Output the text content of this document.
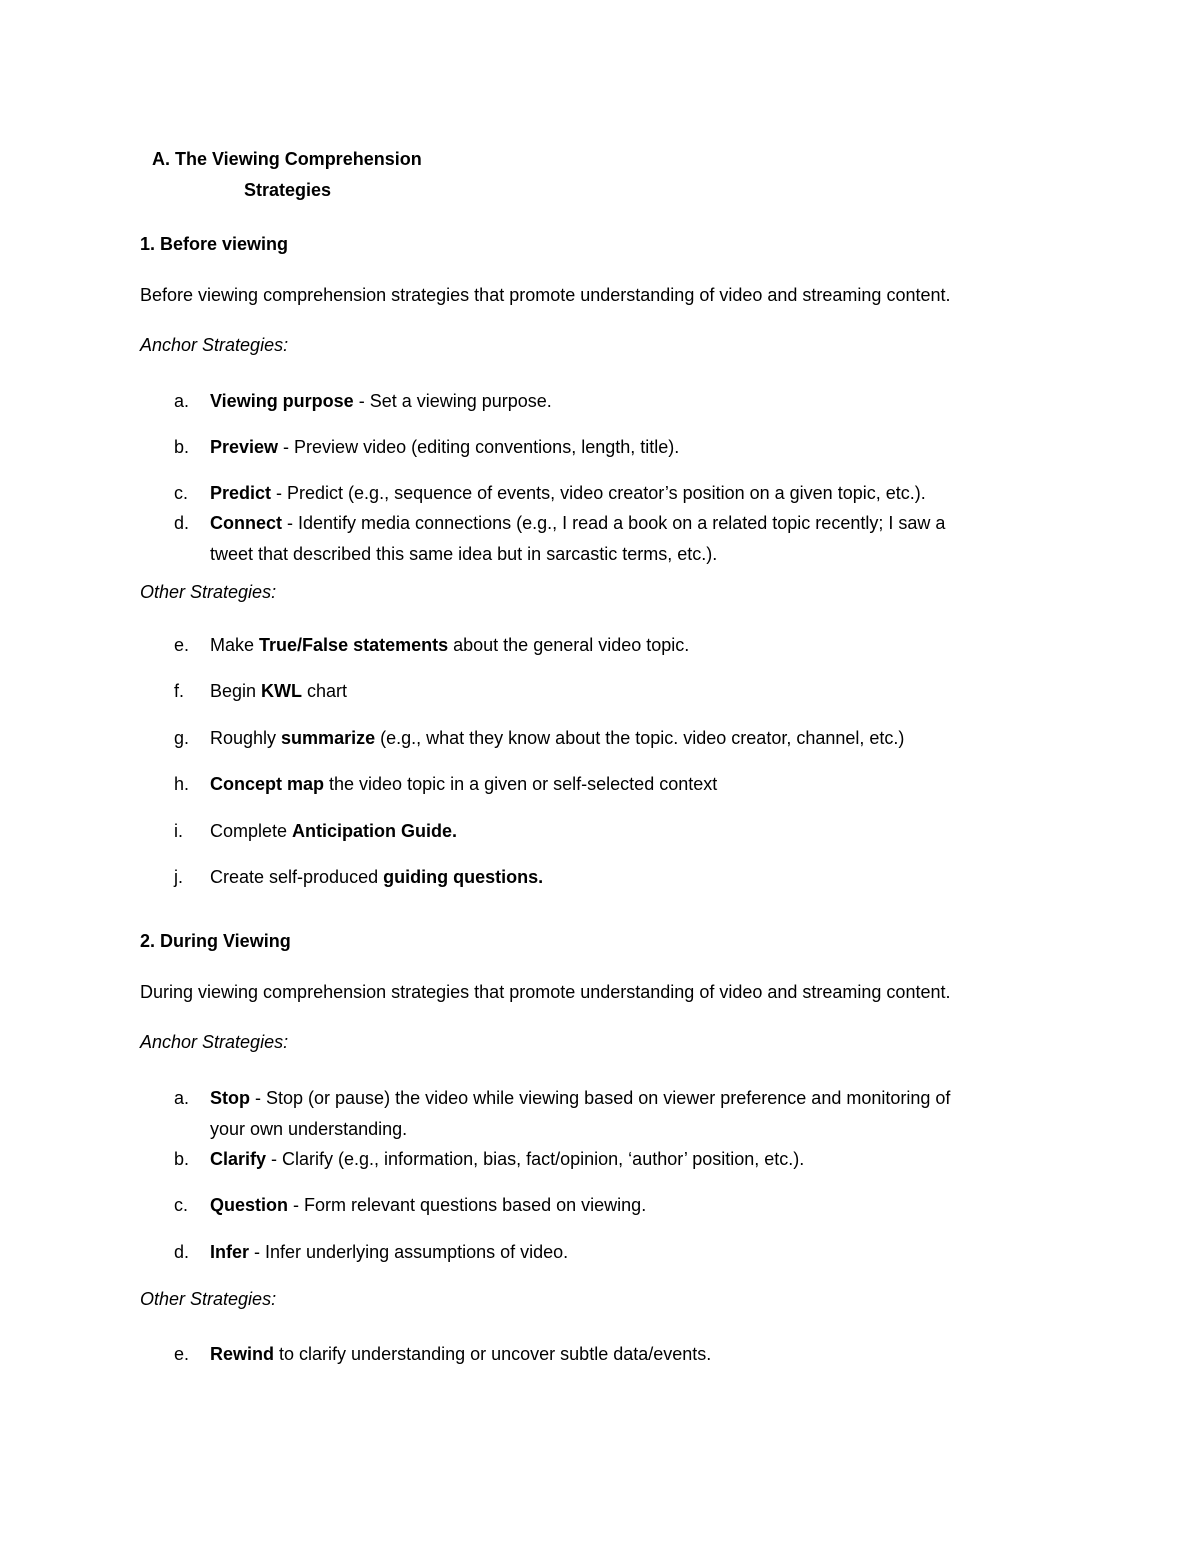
A. The Viewing Comprehension
Strategies
1. Before viewing
Before viewing comprehension strategies that promote understanding of video and streaming content.
Anchor Strategies:
a. Viewing purpose - Set a viewing purpose.
b. Preview - Preview video (editing conventions, length, title).
c. Predict - Predict (e.g., sequence of events, video creator’s position on a given topic, etc.).
d. Connect - Identify media connections (e.g., I read a book on a related topic recently; I saw a
tweet that described this same idea but in sarcastic terms, etc.).
Other Strategies:
e. Make True/False statements about the general video topic.
f. Begin KWL chart
g. Roughly summarize (e.g., what they know about the topic. video creator, channel, etc.)
h. Concept map the video topic in a given or self-selected context
i. Complete Anticipation Guide.
j. Create self-produced guiding questions.
2. During Viewing
During viewing comprehension strategies that promote understanding of video and streaming content.
Anchor Strategies:
a. Stop - Stop (or pause) the video while viewing based on viewer preference and monitoring of
your own understanding.
b. Clarify - Clarify (e.g., information, bias, fact/opinion, ‘author’ position, etc.).
c. Question - Form relevant questions based on viewing.
d. Infer - Infer underlying assumptions of video.
Other Strategies:
e. Rewind to clarify understanding or uncover subtle data/events.
